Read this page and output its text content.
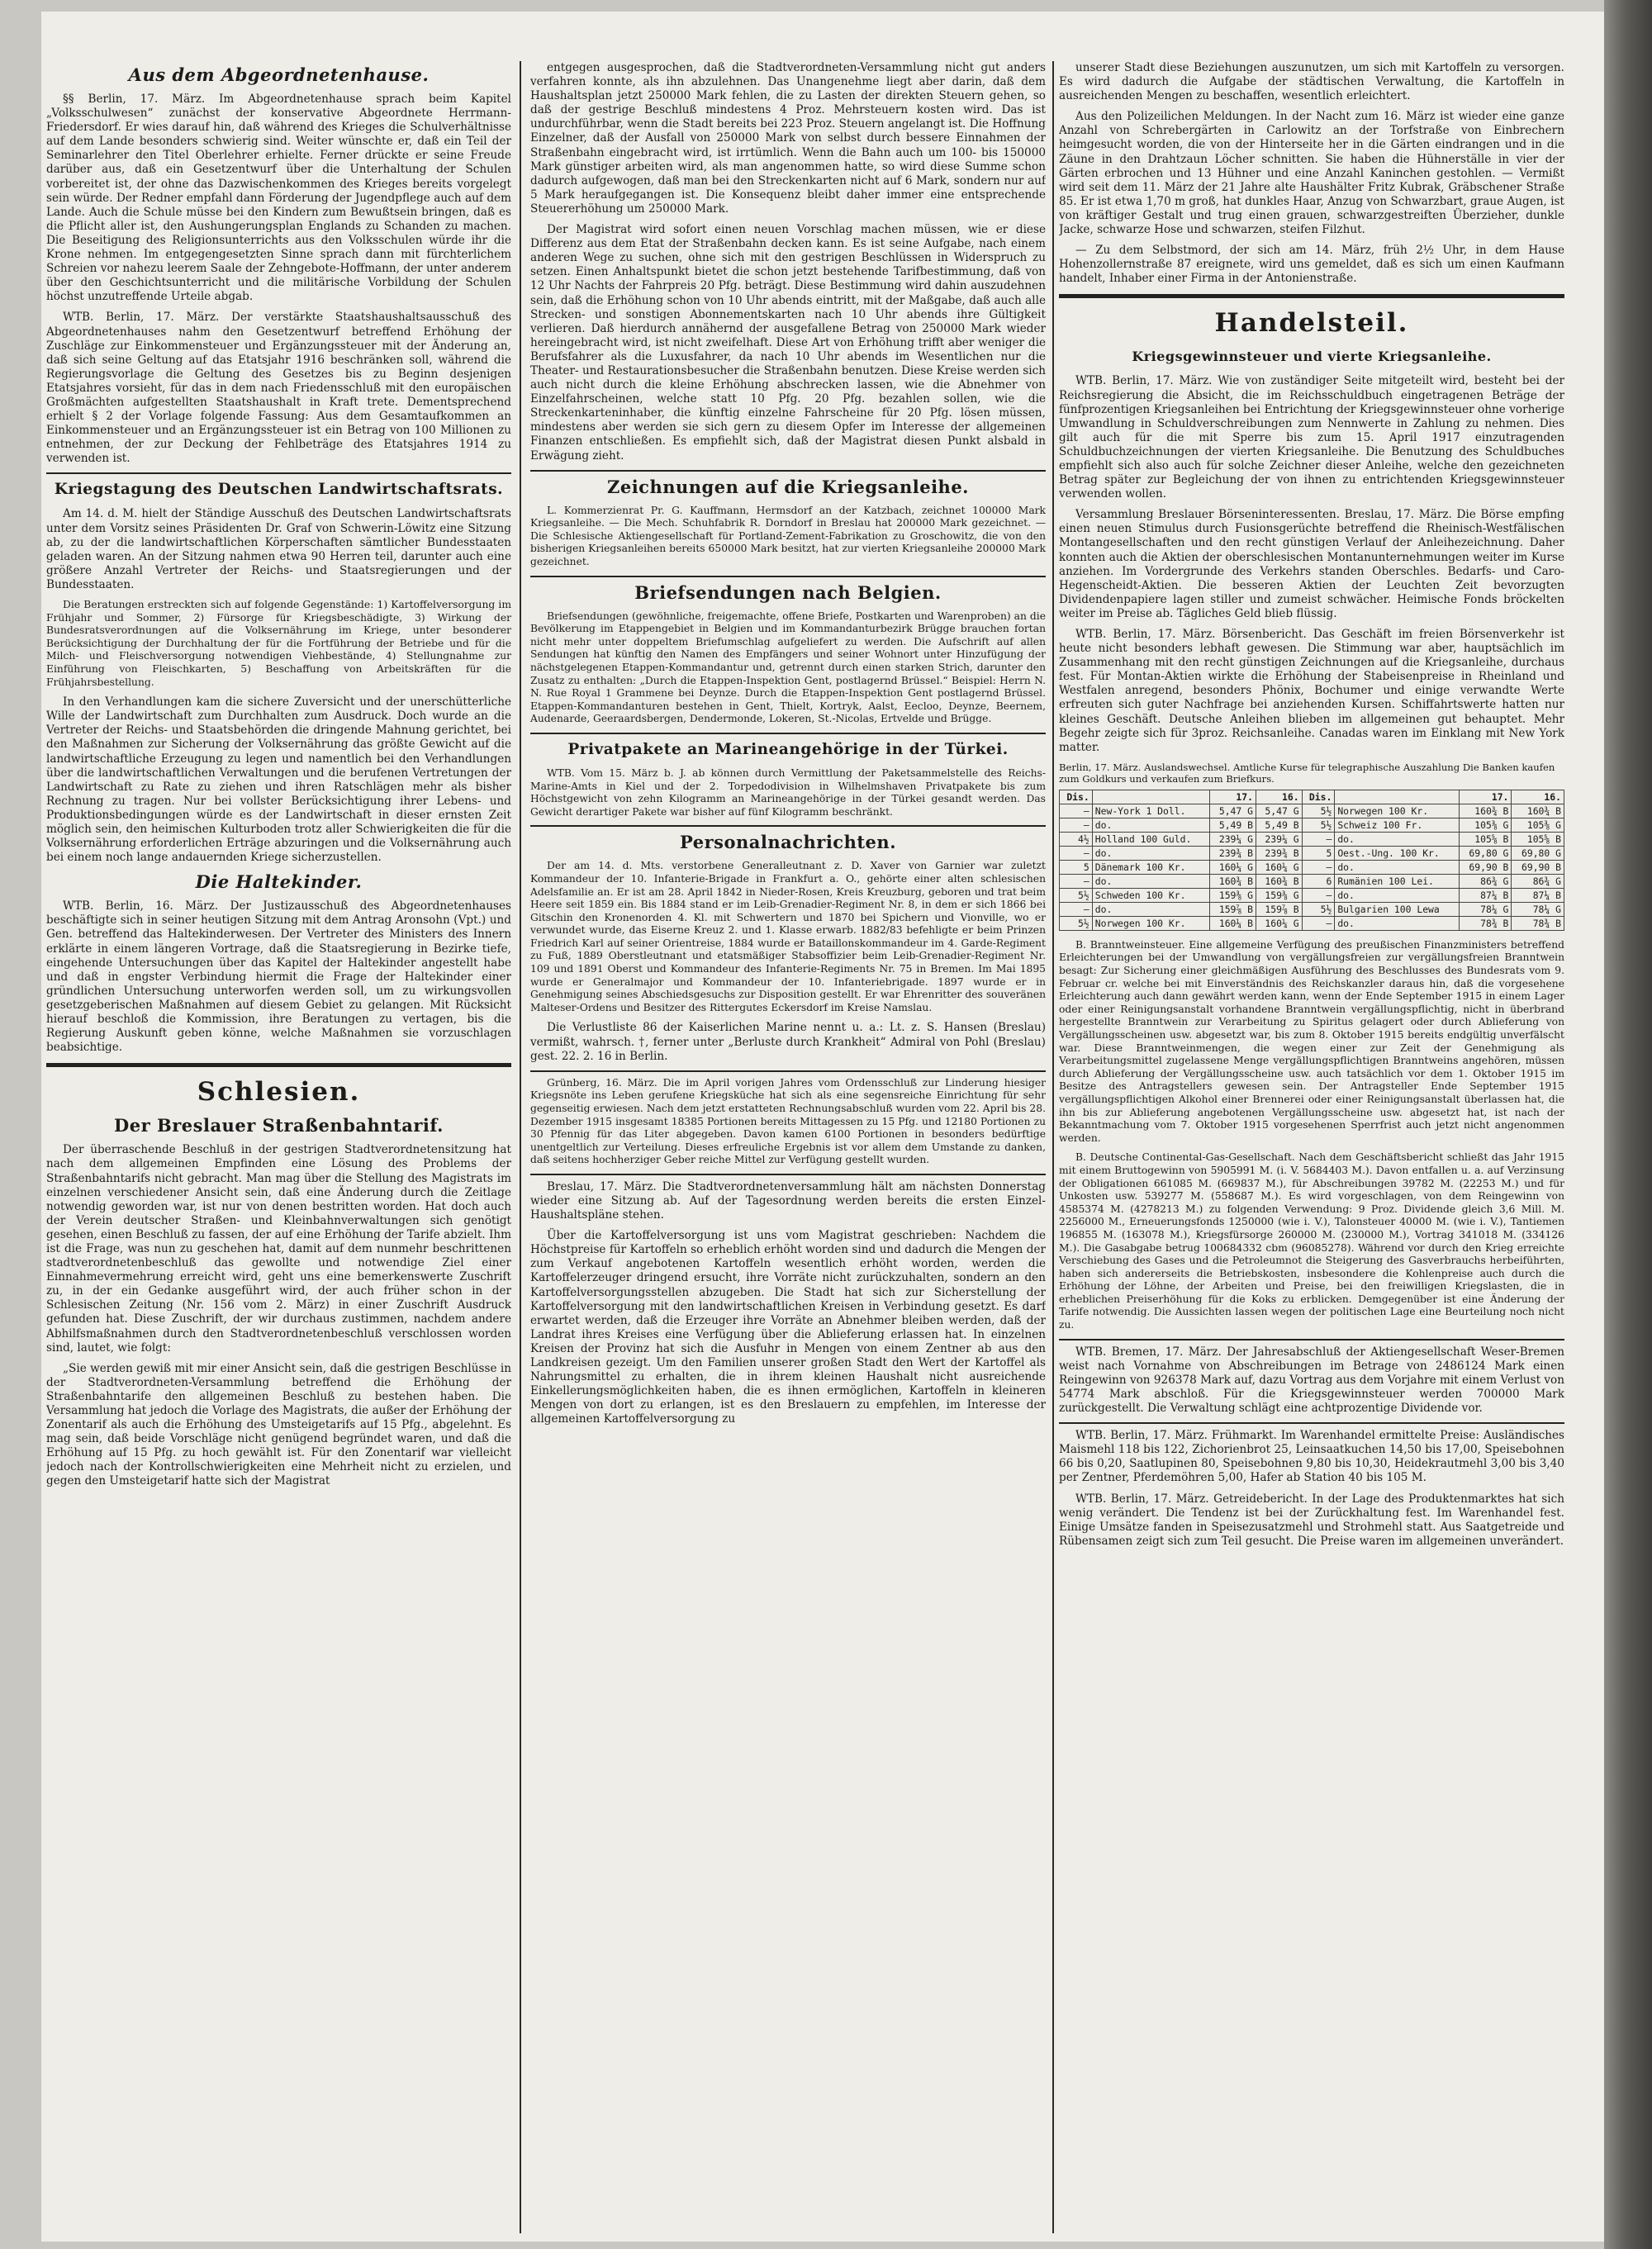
Aus dem Abgeordnetenhause.

§§ Berlin, 17. März. Im Abgeordnetenhause sprach beim Kapitel „Volksschulwesen“ zunächst der konservative Abgeordnete Herrmann-Friedersdorf. Er wies darauf hin, daß während des Krieges die Schulverhältnisse auf dem Lande besonders schwierig sind. Weiter wünschte er, daß ein Teil der Seminarlehrer den Titel Oberlehrer erhielte. Ferner drückte er seine Freude darüber aus, daß ein Gesetzentwurf über die Unterhaltung der Schulen vorbereitet ist, der ohne das Dazwischenkommen des Krieges bereits vorgelegt sein würde. Der Redner empfahl dann Förderung der Jugendpflege auch auf dem Lande. Auch die Schule müsse bei den Kindern zum Bewußtsein bringen, daß es die Pflicht aller ist, den Aushungerungsplan Englands zu Schanden zu machen. Die Beseitigung des Religionsunterrichts aus den Volksschulen würde ihr die Krone nehmen. Im entgegengesetzten Sinne sprach dann mit fürchterlichem Schreien vor nahezu leerem Saale der Zehngebote-Hoffmann, der unter anderem über den Geschichtsunterricht und die militärische Vorbildung der Schulen höchst unzutreffende Urteile abgab.

WTB. Berlin, 17. März. Der verstärkte Staatshaushaltsausschuß des Abgeordnetenhauses nahm den Gesetzentwurf betreffend Erhöhung der Zuschläge zur Einkommensteuer und Ergänzungssteuer mit der Änderung an, daß sich seine Geltung auf das Etatsjahr 1916 beschränken soll, während die Regierungsvorlage die Geltung des Gesetzes bis zu Beginn desjenigen Etatsjahres vorsieht, für das in dem nach Friedensschluß mit den europäischen Großmächten aufgestellten Staatshaushalt in Kraft trete. Dementsprechend erhielt § 2 der Vorlage folgende Fassung: Aus dem Gesamtaufkommen an Einkommensteuer und an Ergänzungssteuer ist ein Betrag von 100 Millionen zu entnehmen, der zur Deckung der Fehlbeträge des Etatsjahres 1914 zu verwenden ist.

Kriegstagung des Deutschen Landwirtschaftsrats.

Am 14. d. M. hielt der Ständige Ausschuß des Deutschen Landwirtschaftsrats unter dem Vorsitz seines Präsidenten Dr. Graf von Schwerin-Löwitz eine Sitzung ab, zu der die landwirtschaftlichen Körperschaften sämtlicher Bundesstaaten geladen waren. An der Sitzung nahmen etwa 90 Herren teil, darunter auch eine größere Anzahl Vertreter der Reichs- und Staatsregierungen und der Bundesstaaten.

Die Beratungen erstreckten sich auf folgende Gegenstände: 1) Kartoffelversorgung im Frühjahr und Sommer, 2) Fürsorge für Kriegsbeschädigte, 3) Wirkung der Bundesratsverordnungen auf die Volksernährung im Kriege, unter besonderer Berücksichtigung der Durchhaltung der für die Fortführung der Betriebe und für die Milch- und Fleischversorgung notwendigen Viehbestände, 4) Stellungnahme zur Einführung von Fleischkarten, 5) Beschaffung von Arbeitskräften für die Frühjahrsbestellung.

In den Verhandlungen kam die sichere Zuversicht und der unerschütterliche Wille der Landwirtschaft zum Durchhalten zum Ausdruck. Doch wurde an die Vertreter der Reichs- und Staatsbehörden die dringende Mahnung gerichtet, bei den Maßnahmen zur Sicherung der Volksernährung das größte Gewicht auf die landwirtschaftliche Erzeugung zu legen und namentlich bei den Verhandlungen über die landwirtschaftlichen Verwaltungen und die berufenen Vertretungen der Landwirtschaft zu Rate zu ziehen und ihren Ratschlägen mehr als bisher Rechnung zu tragen. Nur bei vollster Berücksichtigung ihrer Lebens- und Produktionsbedingungen würde es der Landwirtschaft in dieser ernsten Zeit möglich sein, den heimischen Kulturboden trotz aller Schwierigkeiten die für die Volksernährung erforderlichen Erträge abzuringen und die Volksernährung auch bei einem noch lange andauernden Kriege sicherzustellen.

Die Haltekinder.

WTB. Berlin, 16. März. Der Justizausschuß des Abgeordnetenhauses beschäftigte sich in seiner heutigen Sitzung mit dem Antrag Aronsohn (Vpt.) und Gen. betreffend das Haltekinderwesen. Der Vertreter des Ministers des Innern erklärte in einem längeren Vortrage, daß die Staatsregierung in Bezirke tiefe, eingehende Untersuchungen über das Kapitel der Haltekinder angestellt habe und daß in engster Verbindung hiermit die Frage der Haltekinder einer gründlichen Untersuchung unterworfen werden soll, um zu wirkungsvollen gesetzgeberischen Maßnahmen auf diesem Gebiet zu gelangen. Mit Rücksicht hierauf beschloß die Kommission, ihre Beratungen zu vertagen, bis die Regierung Auskunft geben könne, welche Maßnahmen sie vorzuschlagen beabsichtige.

Schlesien.
Der Breslauer Straßenbahntarif.

Der überraschende Beschluß in der gestrigen Stadtverordnetensitzung hat nach dem allgemeinen Empfinden eine Lösung des Problems der Straßenbahntarifs nicht gebracht. Man mag über die Stellung des Magistrats im einzelnen verschiedener Ansicht sein, daß eine Änderung durch die Zeitlage notwendig geworden war, ist nur von denen bestritten worden. Hat doch auch der Verein deutscher Straßen- und Kleinbahnverwaltungen sich genötigt gesehen, einen Beschluß zu fassen, der auf eine Erhöhung der Tarife abzielt. Ihm ist die Frage, was nun zu geschehen hat, damit auf dem nunmehr beschrittenen stadtverordnetenbeschluß das gewollte und notwendige Ziel einer Einnahmevermehrung erreicht wird, geht uns eine bemerkenswerte Zuschrift zu, in der ein Gedanke ausgeführt wird, der auch früher schon in der Schlesischen Zeitung (Nr. 156 vom 2. März) in einer Zuschrift Ausdruck gefunden hat. Diese Zuschrift, der wir durchaus zustimmen, nachdem andere Abhilfsmaßnahmen durch den Stadtverordnetenbeschluß verschlossen worden sind, lautet, wie folgt:

„Sie werden gewiß mit mir einer Ansicht sein, daß die gestrigen Beschlüsse in der Stadtverordneten-Versammlung betreffend die Erhöhung der Straßenbahntarife den allgemeinen Beschluß zu bestehen haben. Die Versammlung hat jedoch die Vorlage des Magistrats, die außer der Erhöhung der Zonentarif als auch die Erhöhung des Umsteigetarifs auf 15 Pfg., abgelehnt. Es mag sein, daß beide Vorschläge nicht genügend begründet waren, und daß die Erhöhung auf 15 Pfg. zu hoch gewählt ist. Für den Zonentarif war vielleicht jedoch nach der Kontrollschwierigkeiten eine Mehrheit nicht zu erzielen, und gegen den Umsteigetarif hatte sich der Magistrat

entgegen ausgesprochen, daß die Stadtverordneten-Versammlung nicht gut anders verfahren konnte, als ihn abzulehnen. Das Unangenehme liegt aber darin, daß dem Haushaltsplan jetzt 250000 Mark fehlen, die zu Lasten der direkten Steuern gehen, so daß der gestrige Beschluß mindestens 4 Proz. Mehrsteuern kosten wird. Das ist undurchführbar, wenn die Stadt bereits bei 223 Proz. Steuern angelangt ist. Die Hoffnung Einzelner, daß der Ausfall von 250000 Mark von selbst durch bessere Einnahmen der Straßenbahn eingebracht wird, ist irrtümlich. Wenn die Bahn auch um 100- bis 150000 Mark günstiger arbeiten wird, als man angenommen hatte, so wird diese Summe schon dadurch aufgewogen, daß man bei den Streckenkarten nicht auf 6 Mark, sondern nur auf 5 Mark heraufgegangen ist. Die Konsequenz bleibt daher immer eine entsprechende Steuererhöhung um 250000 Mark.

Der Magistrat wird sofort einen neuen Vorschlag machen müssen, wie er diese Differenz aus dem Etat der Straßenbahn decken kann. Es ist seine Aufgabe, nach einem anderen Wege zu suchen, ohne sich mit den gestrigen Beschlüssen in Widerspruch zu setzen. Einen Anhaltspunkt bietet die schon jetzt bestehende Tarifbestimmung, daß von 12 Uhr Nachts der Fahrpreis 20 Pfg. beträgt. Diese Bestimmung wird dahin auszudehnen sein, daß die Erhöhung schon von 10 Uhr abends eintritt, mit der Maßgabe, daß auch alle Strecken- und sonstigen Abonnementskarten nach 10 Uhr abends ihre Gültigkeit verlieren. Daß hierdurch annähernd der ausgefallene Betrag von 250000 Mark wieder hereingebracht wird, ist nicht zweifelhaft. Diese Art von Erhöhung trifft aber weniger die Berufsfahrer als die Luxusfahrer, da nach 10 Uhr abends im Wesentlichen nur die Theater- und Restaurationsbesucher die Straßenbahn benutzen. Diese Kreise werden sich auch nicht durch die kleine Erhöhung abschrecken lassen, wie die Abnehmer von Einzelfahrscheinen, welche statt 10 Pfg. 20 Pfg. bezahlen sollen, wie die Streckenkarteninhaber, die künftig einzelne Fahrscheine für 20 Pfg. lösen müssen, mindestens aber werden sie sich gern zu diesem Opfer im Interesse der allgemeinen Finanzen entschließen. Es empfiehlt sich, daß der Magistrat diesen Punkt alsbald in Erwägung zieht.

Zeichnungen auf die Kriegsanleihe.

L. Kommerzienrat Pr. G. Kauffmann, Hermsdorf an der Katzbach, zeichnet 100000 Mark Kriegsanleihe. — Die Mech. Schuhfabrik R. Dorndorf in Breslau hat 200000 Mark gezeichnet. — Die Schlesische Aktiengesellschaft für Portland-Zement-Fabrikation zu Groschowitz, die von den bisherigen Kriegsanleihen bereits 650000 Mark besitzt, hat zur vierten Kriegsanleihe 200000 Mark gezeichnet.

Briefsendungen nach Belgien.

Briefsendungen (gewöhnliche, freigemachte, offene Briefe, Postkarten und Warenproben) an die Bevölkerung im Etappengebiet in Belgien und im Kommandanturbezirk Brügge brauchen fortan nicht mehr unter doppeltem Briefumschlag aufgeliefert zu werden. Die Aufschrift auf allen Sendungen hat künftig den Namen des Empfängers und seiner Wohnort unter Hinzufügung der nächstgelegenen Etappen-Kommandantur und, getrennt durch einen starken Strich, darunter den Zusatz zu enthalten: „Durch die Etappen-Inspektion Gent, postlagernd Brüssel.“ Beispiel: Herrn N. N. Rue Royal 1 Grammene bei Deynze. Durch die Etappen-Inspektion Gent postlagernd Brüssel. Etappen-Kommandanturen bestehen in Gent, Thielt, Kortryk, Aalst, Eecloo, Deynze, Beernem, Audenarde, Geeraardsbergen, Dendermonde, Lokeren, St.-Nicolas, Ertvelde und Brügge.

Privatpakete an Marineangehörige in der Türkei.

WTB. Vom 15. März b. J. ab können durch Vermittlung der Paketsammelstelle des Reichs-Marine-Amts in Kiel und der 2. Torpedodivision in Wilhelmshaven Privatpakete bis zum Höchstgewicht von zehn Kilogramm an Marineangehörige in der Türkei gesandt werden. Das Gewicht derartiger Pakete war bisher auf fünf Kilogramm beschränkt.

Personalnachrichten.

Der am 14. d. Mts. verstorbene Generalleutnant z. D. Xaver von Garnier war zuletzt Kommandeur der 10. Infanterie-Brigade in Frankfurt a. O., gehörte einer alten schlesischen Adelsfamilie an. Er ist am 28. April 1842 in Nieder-Rosen, Kreis Kreuzburg, geboren und trat beim Heere seit 1859 ein. Bis 1884 stand er im Leib-Grenadier-Regiment Nr. 8, in dem er sich 1866 bei Gitschin den Kronenorden 4. Kl. mit Schwertern und 1870 bei Spichern und Vionville, wo er verwundet wurde, das Eiserne Kreuz 2. und 1. Klasse erwarb. 1882/83 befehligte er beim Prinzen Friedrich Karl auf seiner Orientreise, 1884 wurde er Bataillonskommandeur im 4. Garde-Regiment zu Fuß, 1889 Oberstleutnant und etatsmäßiger Stabsoffizier beim Leib-Grenadier-Regiment Nr. 109 und 1891 Oberst und Kommandeur des Infanterie-Regiments Nr. 75 in Bremen. Im Mai 1895 wurde er Generalmajor und Kommandeur der 10. Infanteriebrigade. 1897 wurde er in Genehmigung seines Abschiedsgesuchs zur Disposition gestellt. Er war Ehrenritter des souveränen Malteser-Ordens und Besitzer des Rittergutes Eckersdorf im Kreise Namslau.

Die Verlustliste 86 der Kaiserlichen Marine nennt u. a.: Lt. z. S. Hansen (Breslau) vermißt, wahrsch. †, ferner unter „Berluste durch Krankheit“ Admiral von Pohl (Breslau) gest. 22. 2. 16 in Berlin.

Grünberg, 16. März. Die im April vorigen Jahres vom Ordensschluß zur Linderung hiesiger Kriegsnöte ins Leben gerufene Kriegsküche hat sich als eine segensreiche Einrichtung für sehr gegenseitig erwiesen. Nach dem jetzt erstatteten Rechnungsabschluß wurden vom 22. April bis 28. Dezember 1915 insgesamt 18385 Portionen bereits Mittagessen zu 15 Pfg. und 12180 Portionen zu 30 Pfennig für das Liter abgegeben. Davon kamen 6100 Portionen in besonders bedürftige unentgeltlich zur Verteilung. Dieses erfreuliche Ergebnis ist vor allem dem Umstande zu danken, daß seitens hochherziger Geber reiche Mittel zur Verfügung gestellt wurden.

Breslau, 17. März. Die Stadtverordnetenversammlung hält am nächsten Donnerstag wieder eine Sitzung ab. Auf der Tagesordnung werden bereits die ersten Einzel-Haushaltspläne stehen.

Über die Kartoffelversorgung ist uns vom Magistrat geschrieben: Nachdem die Höchstpreise für Kartoffeln so erheblich erhöht worden sind und dadurch die Mengen der zum Verkauf angebotenen Kartoffeln wesentlich erhöht worden, werden die Kartoffelerzeuger dringend ersucht, ihre Vorräte nicht zurückzuhalten, sondern an den Kartoffelversorgungsstellen abzugeben. Die Stadt hat sich zur Sicherstellung der Kartoffelversorgung mit den landwirtschaftlichen Kreisen in Verbindung gesetzt. Es darf erwartet werden, daß die Erzeuger ihre Vorräte an Abnehmer bleiben werden, daß der Landrat ihres Kreises eine Verfügung über die Ablieferung erlassen hat. In einzelnen Kreisen der Provinz hat sich die Ausfuhr in Mengen von einem Zentner ab aus den Landkreisen gezeigt. Um den Familien unserer großen Stadt den Wert der Kartoffel als Nahrungsmittel zu erhalten, die in ihrem kleinen Haushalt nicht ausreichende Einkellerungsmöglichkeiten haben, die es ihnen ermöglichen, Kartoffeln in kleineren Mengen von dort zu erlangen, ist es den Breslauern zu empfehlen, im Interesse der allgemeinen Kartoffelversorgung zu

unserer Stadt diese Beziehungen auszunutzen, um sich mit Kartoffeln zu versorgen. Es wird dadurch die Aufgabe der städtischen Verwaltung, die Kartoffeln in ausreichenden Mengen zu beschaffen, wesentlich erleichtert.

Aus den Polizeilichen Meldungen. In der Nacht zum 16. März ist wieder eine ganze Anzahl von Schrebergärten in Carlowitz an der Torfstraße von Einbrechern heimgesucht worden, die von der Hinterseite her in die Gärten eindrangen und in die Zäune in den Drahtzaun Löcher schnitten. Sie haben die Hühnerställe in vier der Gärten erbrochen und 13 Hühner und eine Anzahl Kaninchen gestohlen. — Vermißt wird seit dem 11. März der 21 Jahre alte Haushälter Fritz Kubrak, Gräbschener Straße 85. Er ist etwa 1,70 m groß, hat dunkles Haar, Anzug von Schwarzbart, graue Augen, ist von kräftiger Gestalt und trug einen grauen, schwarzgestreiften Überzieher, dunkle Jacke, schwarze Hose und schwarzen, steifen Filzhut.

— Zu dem Selbstmord, der sich am 14. März, früh 2½ Uhr, in dem Hause Hohenzollernstraße 87 ereignete, wird uns gemeldet, daß es sich um einen Kaufmann handelt, Inhaber einer Firma in der Antonienstraße.

Handelsteil.
Kriegsgewinnsteuer und vierte Kriegsanleihe.

WTB. Berlin, 17. März. Wie von zuständiger Seite mitgeteilt wird, besteht bei der Reichsregierung die Absicht, die im Reichsschuldbuch eingetragenen Beträge der fünfprozentigen Kriegsanleihen bei Entrichtung der Kriegsgewinnsteuer ohne vorherige Umwandlung in Schuldverschreibungen zum Nennwerte in Zahlung zu nehmen. Dies gilt auch für die mit Sperre bis zum 15. April 1917 einzutragenden Schuldbuchzeichnungen der vierten Kriegsanleihe. Die Benutzung des Schuldbuches empfiehlt sich also auch für solche Zeichner dieser Anleihe, welche den gezeichneten Betrag später zur Begleichung der von ihnen zu entrichtenden Kriegsgewinnsteuer verwenden wollen.

Versammlung Breslauer Börseninteressenten. Breslau, 17. März. Die Börse empfing einen neuen Stimulus durch Fusionsgerüchte betreffend die Rheinisch-Westfälischen Montangesellschaften und den recht günstigen Verlauf der Anleihezeichnung. Daher konnten auch die Aktien der oberschlesischen Montanunternehmungen weiter im Kurse anziehen. Im Vordergrunde des Verkehrs standen Oberschles. Bedarfs- und Caro-Hegenscheidt-Aktien. Die besseren Aktien der Leuchten Zeit bevorzugten Dividendenpapiere lagen stiller und zumeist schwächer. Heimische Fonds bröckelten weiter im Preise ab. Tägliches Geld blieb flüssig.

WTB. Berlin, 17. März. Börsenbericht. Das Geschäft im freien Börsenverkehr ist heute nicht besonders lebhaft gewesen. Die Stimmung war aber, hauptsächlich im Zusammenhang mit den recht günstigen Zeichnungen auf die Kriegsanleihe, durchaus fest. Für Montan-Aktien wirkte die Erhöhung der Stabeisenpreise in Rheinland und Westfalen anregend, besonders Phönix, Bochumer und einige verwandte Werte erfreuten sich guter Nachfrage bei anziehenden Kursen. Schiffahrtswerte hatten nur kleines Geschäft. Deutsche Anleihen blieben im allgemeinen gut behauptet. Mehr Begehr zeigte sich für 3proz. Reichsanleihe. Canadas waren im Einklang mit New York matter.

Berlin, 17. März. Auslandswechsel. Amtliche Kurse für telegraphische Auszahlung Die Banken kaufen zum Goldkurs und verkaufen zum Briefkurs.
Dis.		17.	16.	Dis.		17.	16.
—	New-York 1 Doll.	5,47 G	5,47 G	5½	Norwegen 100 Kr.	160¾ B	160¾ B
—	do.	5,49 B	5,49 B	5½	Schweiz 100 Fr.	105⅜ G	105⅜ G
4½	Holland 100 Guld.	239¼ G	239¼ G	—	do.	105⅝ B	105⅝ B
—	do.	239¾ B	239¾ B	5	Oest.-Ung. 100 Kr.	69,80 G	69,80 G
5	Dänemark 100 Kr.	160¼ G	160¼ G	—	do.	69,90 B	69,90 B
—	do.	160¾ B	160¾ B	6	Rumänien 100 Lei.	86¾ G	86¾ G
5½	Schweden 100 Kr.	159⅜ G	159⅜ G	—	do.	87¼ B	87¼ B
—	do.	159⅞ B	159⅞ B	5½	Bulgarien 100 Lewa	78¼ G	78¼ G
5½	Norwegen 100 Kr.	160¼ B	160¼ G	—	do.	78¾ B	78¾ B

B. Branntweinsteuer. Eine allgemeine Verfügung des preußischen Finanzministers betreffend Erleichterungen bei der Umwandlung von vergällungsfreien zur vergällungsfreien Branntwein besagt: Zur Sicherung einer gleichmäßigen Ausführung des Beschlusses des Bundesrats vom 9. Februar cr. welche bei mit Einverständnis des Reichskanzler daraus hin, daß die vorgesehene Erleichterung auch dann gewährt werden kann, wenn der Ende September 1915 in einem Lager oder einer Reinigungsanstalt vorhandene Branntwein vergällungspflichtig, nicht in überbrand hergestellte Branntwein zur Verarbeitung zu Spiritus gelagert oder durch Ablieferung von Vergällungsscheinen usw. abgesetzt war, bis zum 8. Oktober 1915 bereits endgültig unverfälscht war. Diese Branntweinmengen, die wegen einer zur Zeit der Genehmigung als Verarbeitungsmittel zugelassene Menge vergällungspflichtigen Branntweins angehören, müssen durch Ablieferung der Vergällungsscheine usw. auch tatsächlich vor dem 1. Oktober 1915 im Besitze des Antragstellers gewesen sein. Der Antragsteller Ende September 1915 vergällungspflichtigen Alkohol einer Brennerei oder einer Reinigungsanstalt überlassen hat, die ihn bis zur Ablieferung angebotenen Vergällungsscheine usw. abgesetzt hat, ist nach der Bekanntmachung vom 7. Oktober 1915 vorgesehenen Sperrfrist auch jetzt nicht angenommen werden.

B. Deutsche Continental-Gas-Gesellschaft. Nach dem Geschäftsbericht schließt das Jahr 1915 mit einem Bruttogewinn von 5905991 M. (i. V. 5684403 M.). Davon entfallen u. a. auf Verzinsung der Obligationen 661085 M. (669837 M.), für Abschreibungen 39782 M. (22253 M.) und für Unkosten usw. 539277 M. (558687 M.). Es wird vorgeschlagen, von dem Reingewinn von 4585374 M. (4278213 M.) zu folgenden Verwendung: 9 Proz. Dividende gleich 3,6 Mill. M. 2256000 M., Erneuerungsfonds 1250000 (wie i. V.), Talonsteuer 40000 M. (wie i. V.), Tantiemen 196855 M. (163078 M.), Kriegsfürsorge 260000 M. (230000 M.), Vortrag 341018 M. (334126 M.). Die Gasabgabe betrug 100684332 cbm (96085278). Während vor durch den Krieg erreichte Verschiebung des Gases und die Petroleumnot die Steigerung des Gasverbrauchs herbeiführten, haben sich andererseits die Betriebskosten, insbesondere die Kohlenpreise auch durch die Erhöhung der Löhne, der Arbeiten und Preise, bei den freiwilligen Kriegslasten, die in erheblichen Preiserhöhung für die Koks zu erblicken. Demgegenüber ist eine Änderung der Tarife notwendig. Die Aussichten lassen wegen der politischen Lage eine Beurteilung noch nicht zu.

WTB. Bremen, 17. März. Der Jahresabschluß der Aktiengesellschaft Weser-Bremen weist nach Vornahme von Abschreibungen im Betrage von 2486124 Mark einen Reingewinn von 926378 Mark auf, dazu Vortrag aus dem Vorjahre mit einem Verlust von 54774 Mark abschloß. Für die Kriegsgewinnsteuer werden 700000 Mark zurückgestellt. Die Verwaltung schlägt eine achtprozentige Dividende vor.

WTB. Berlin, 17. März. Frühmarkt. Im Warenhandel ermittelte Preise: Ausländisches Maismehl 118 bis 122, Zichorienbrot 25, Leinsaatkuchen 14,50 bis 17,00, Speisebohnen 66 bis 0,20, Saatlupinen 80, Speisebohnen 9,80 bis 10,30, Heidekrautmehl 3,00 bis 3,40 per Zentner, Pferdemöhren 5,00, Hafer ab Station 40 bis 105 M.

WTB. Berlin, 17. März. Getreidebericht. In der Lage des Produktenmarktes hat sich wenig verändert. Die Tendenz ist bei der Zurückhaltung fest. Im Warenhandel fest. Einige Umsätze fanden in Speisezusatzmehl und Strohmehl statt. Aus Saatgetreide und Rübensamen zeigt sich zum Teil gesucht. Die Preise waren im allgemeinen unverändert.
